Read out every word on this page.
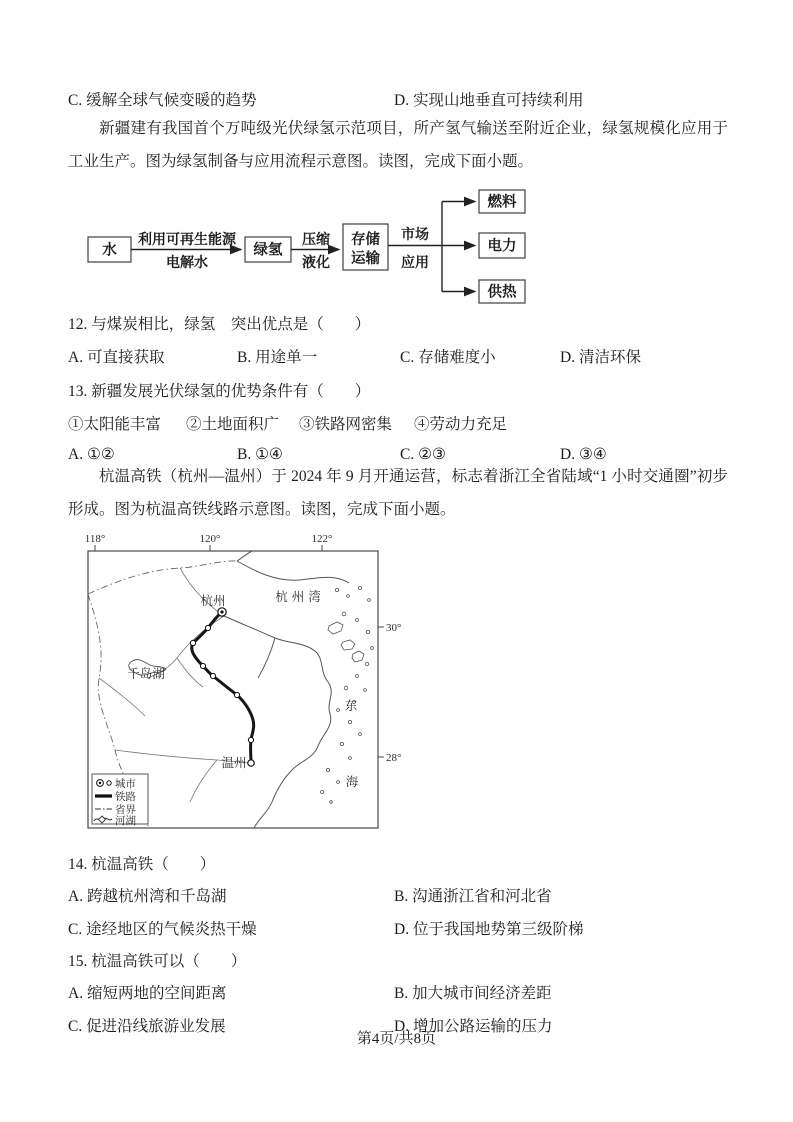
C. 缓解全球气候变暖的趋势	D. 实现山地垂直可持续利用

新疆建有我国首个万吨级光伏绿氢示范项目，所产氢气输送至附近企业，绿氢规模化应用于工业生产。图为绿氢制备与应用流程示意图。读图，完成下面小题。

水
利用可再生能源
电解水
绿氢
压缩
液化
存储
运输
市场
应用
燃料
电力
供热
12. 与煤炭相比，绿氢　突出优点是（　　）
A. 可直接获取	B. 用途单一	C. 存储难度小	D. 清洁环保
13. 新疆发展光伏绿氢的优势条件有（　　）
①太阳能丰富 ②土地面积广 ③铁路网密集 ④劳动力充足
A. ①②	B. ①④	C. ②③	D. ③④

杭温高铁（杭州—温州）于 2024 年 9 月开通运营，标志着浙江全省陆域“1 小时交通圈”初步形成。图为杭温高铁线路示意图。读图，完成下面小题。

118°	120°	122°
30°
28°
杭州	杭州湾
千岛湖
温州
东
海
城市
铁路
省界
河湖
14. 杭温高铁（　　）
A. 跨越杭州湾和千岛湖	B. 沟通浙江省和河北省
C. 途经地区的气候炎热干燥	D. 位于我国地势第三级阶梯
15. 杭温高铁可以（　　）
A. 缩短两地的空间距离	B. 加大城市间经济差距
C. 促进沿线旅游业发展	D. 增加公路运输的压力
第4页/共8页
